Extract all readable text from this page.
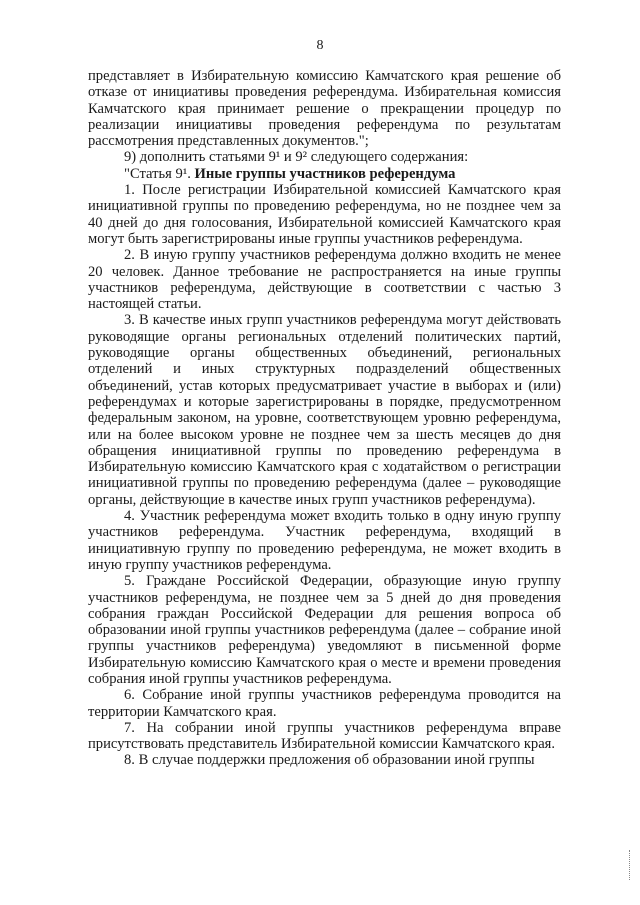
8

представляет в Избирательную комиссию Камчатского края решение об отказе от инициативы проведения референдума. Избирательная комиссия Камчатского края принимает решение о прекращении процедур по реализации инициативы проведения референдума по результатам рассмотрения представленных документов.";

9) дополнить статьями 9¹ и 9² следующего содержания:

"Статья 9¹. Иные группы участников референдума

1. После регистрации Избирательной комиссией Камчатского края инициативной группы по проведению референдума, но не позднее чем за 40 дней до дня голосования, Избирательной комиссией Камчатского края могут быть зарегистрированы иные группы участников референдума.

2. В иную группу участников референдума должно входить не менее 20 человек. Данное требование не распространяется на иные группы участников референдума, действующие в соответствии с частью 3 настоящей статьи.

3. В качестве иных групп участников референдума могут действовать руководящие органы региональных отделений политических партий, руководящие органы общественных объединений, региональных отделений и иных структурных подразделений общественных объединений, устав которых предусматривает участие в выборах и (или) референдумах и которые зарегистрированы в порядке, предусмотренном федеральным законом, на уровне, соответствующем уровню референдума, или на более высоком уровне не позднее чем за шесть месяцев до дня обращения инициативной группы по проведению референдума в Избирательную комиссию Камчатского края с ходатайством о регистрации инициативной группы по проведению референдума (далее – руководящие органы, действующие в качестве иных групп участников референдума).

4. Участник референдума может входить только в одну иную группу участников референдума. Участник референдума, входящий в инициативную группу по проведению референдума, не может входить в иную группу участников референдума.

5. Граждане Российской Федерации, образующие иную группу участников референдума, не позднее чем за 5 дней до дня проведения собрания граждан Российской Федерации для решения вопроса об образовании иной группы участников референдума (далее – собрание иной группы участников референдума) уведомляют в письменной форме Избирательную комиссию Камчатского края о месте и времени проведения собрания иной группы участников референдума.

6. Собрание иной группы участников референдума проводится на территории Камчатского края.

7. На собрании иной группы участников референдума вправе присутствовать представитель Избирательной комиссии Камчатского края.

8. В случае поддержки предложения об образовании иной группы
